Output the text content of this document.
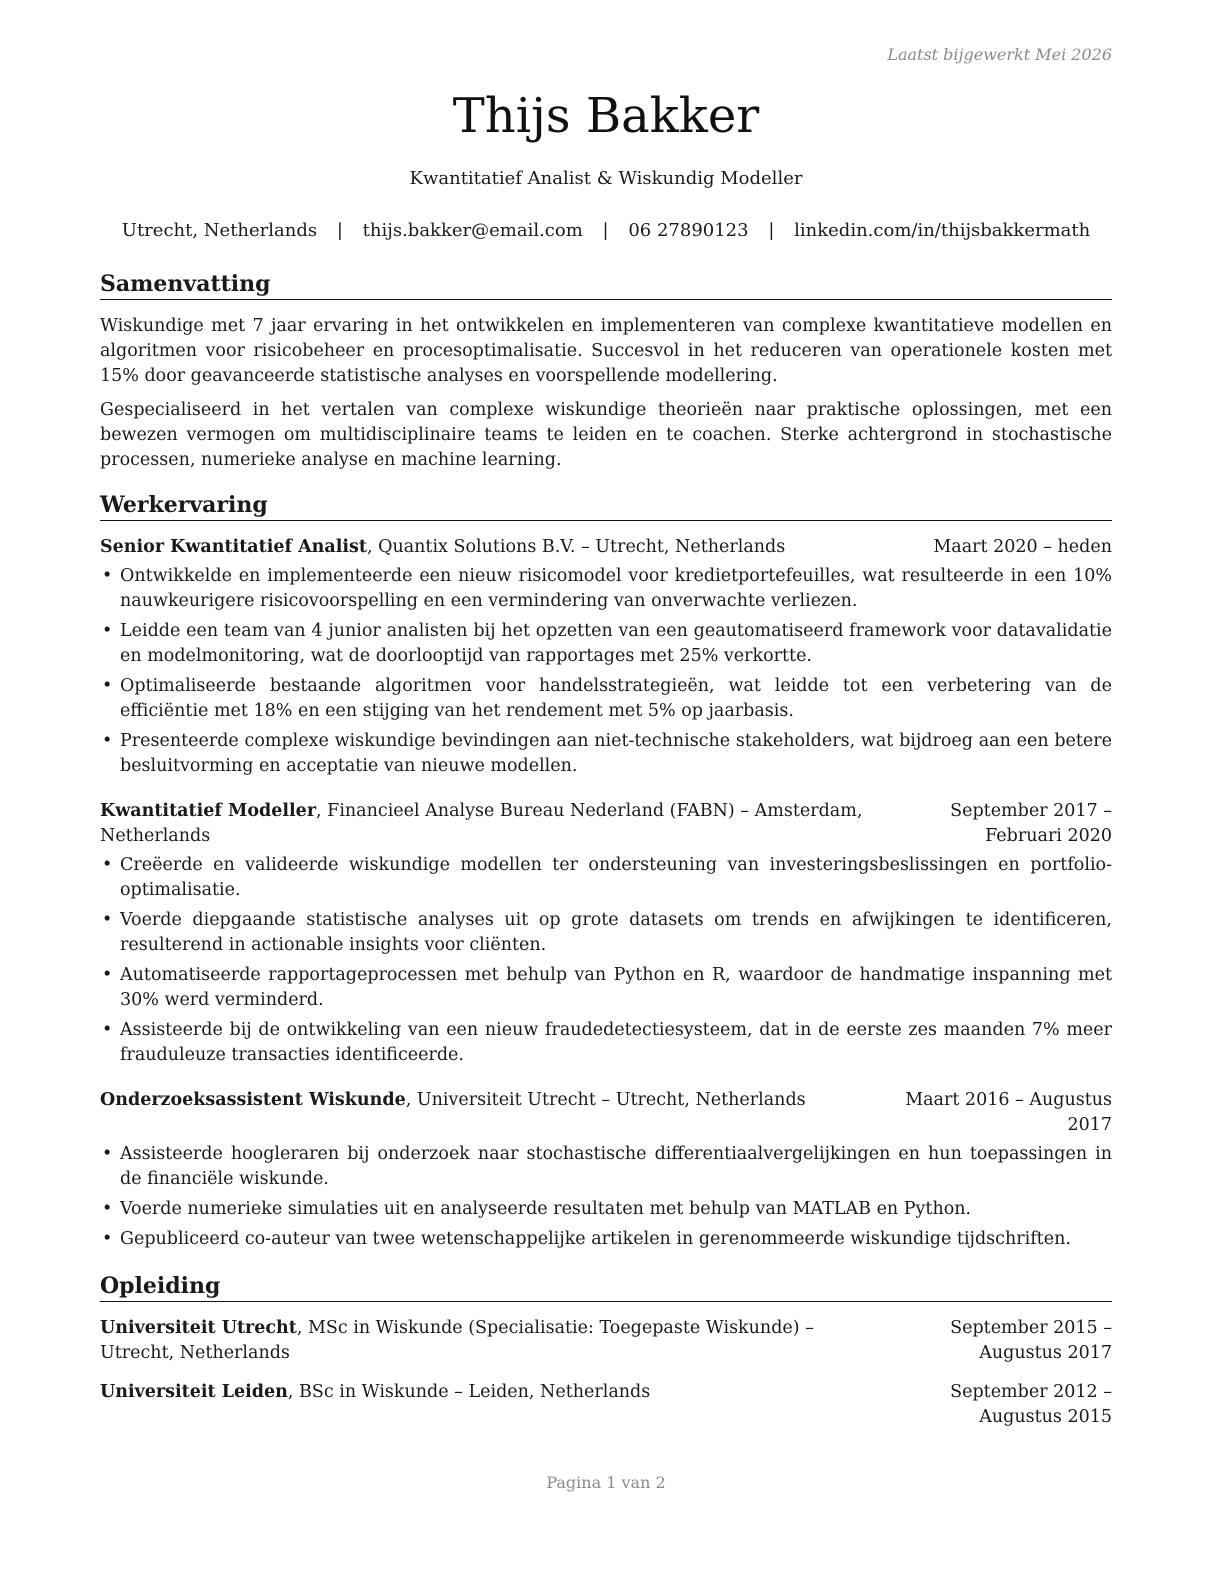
Laatst bijgewerkt Mei 2026
Thijs Bakker
Kwantitatief Analist & Wiskundig Modeller
Utrecht, Netherlands | thijs.bakker@email.com | 06 27890123 | linkedin.com/in/thijsbakkermath
Samenvatting

Wiskundige met 7 jaar ervaring in het ontwikkelen en implementeren van complexe kwantitatieve modellen en algoritmen voor risicobeheer en procesoptimalisatie. Succesvol in het reduceren van operationele kosten met 15% door geavanceerde statistische analyses en voorspellende modellering.

Gespecialiseerd in het vertalen van complexe wiskundige theorieën naar praktische oplossingen, met een bewezen vermogen om multidisciplinaire teams te leiden en te coachen. Sterke achtergrond in stochastische processen, numerieke analyse en machine learning.

Werkervaring
Senior Kwantitatief Analist, Quantix Solutions B.V. – Utrecht, Netherlands	Maart 2020 – heden
• Ontwikkelde en implementeerde een nieuw risicomodel voor kredietportefeuilles, wat resulteerde in een 10% nauwkeurigere risicovoorspelling en een vermindering van onverwachte verliezen.
• Leidde een team van 4 junior analisten bij het opzetten van een geautomatiseerd framework voor datavalidatie en modelmonitoring, wat de doorlooptijd van rapportages met 25% verkortte.
• Optimaliseerde bestaande algoritmen voor handelsstrategieën, wat leidde tot een verbetering van de efficiëntie met 18% en een stijging van het rendement met 5% op jaarbasis.
• Presenteerde complexe wiskundige bevindingen aan niet-technische stakeholders, wat bijdroeg aan een betere besluitvorming en acceptatie van nieuwe modellen.
Kwantitatief Modeller, Financieel Analyse Bureau Nederland (FABN) – Amsterdam, Netherlands
September 2017 – Februari 2020
• Creëerde en valideerde wiskundige modellen ter ondersteuning van investeringsbeslissingen en portfolio-optimalisatie.
• Voerde diepgaande statistische analyses uit op grote datasets om trends en afwijkingen te identificeren, resulterend in actionable insights voor cliënten.
• Automatiseerde rapportageprocessen met behulp van Python en R, waardoor de handmatige inspanning met 30% werd verminderd.
• Assisteerde bij de ontwikkeling van een nieuw fraudedetectiesysteem, dat in de eerste zes maanden 7% meer frauduleuze transacties identificeerde.
Onderzoeksassistent Wiskunde, Universiteit Utrecht – Utrecht, Netherlands	Maart 2016 – Augustus 2017
• Assisteerde hoogleraren bij onderzoek naar stochastische differentiaalvergelijkingen en hun toepassingen in de financiële wiskunde.
• Voerde numerieke simulaties uit en analyseerde resultaten met behulp van MATLAB en Python.
• Gepubliceerd co-auteur van twee wetenschappelijke artikelen in gerenommeerde wiskundige tijdschriften.
Opleiding
Universiteit Utrecht, MSc in Wiskunde (Specialisatie: Toegepaste Wiskunde) – Utrecht, Netherlands
September 2015 – Augustus 2017
Universiteit Leiden, BSc in Wiskunde – Leiden, Netherlands	September 2012 – Augustus 2015
Pagina 1 van 2
